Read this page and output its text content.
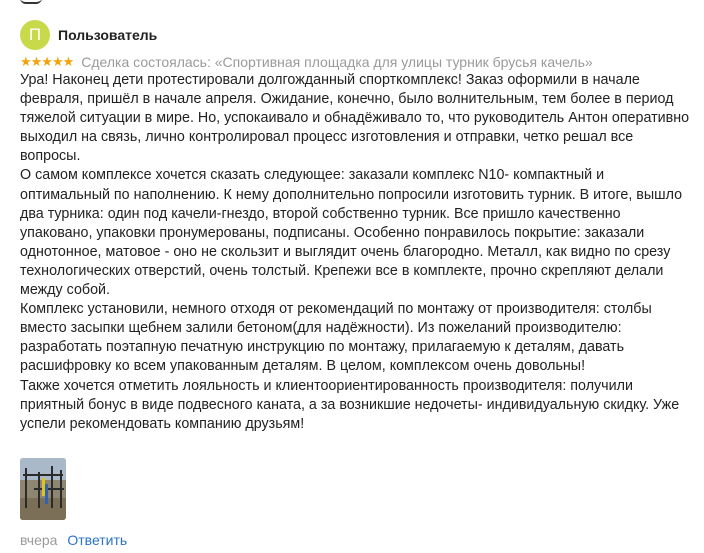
П	Пользователь
★★★★★ Сделка состоялась: «Спортивная площадка для улицы турник брусья качель»

Ура! Наконец дети протестировали долгожданный спорткомплекс! Заказ оформили в начале февраля, пришёл в начале апреля. Ожидание, конечно, было волнительным, тем более в период тяжелой ситуации в мире. Но, успокаивало и обнадёживало то, что руководитель Антон оперативно выходил на связь, лично контролировал процесс изготовления и отправки, четко решал все вопросы.

О самом комплексе хочется сказать следующее: заказали комплекс N10- компактный и оптимальный по наполнению. К нему дополнительно попросили изготовить турник. В итоге, вышло два турника: один под качели-гнездо, второй собственно турник. Все пришло качественно упаковано, упаковки пронумерованы, подписаны. Особенно понравилось покрытие: заказали однотонное, матовое - оно не скользит и выглядит очень благородно. Металл, как видно по срезу технологических отверстий, очень толстый. Крепежи все в комплекте, прочно скрепляют делали между собой.

Комплекс установили, немного отходя от рекомендаций по монтажу от производителя: столбы вместо засыпки щебнем залили бетоном(для надёжности). Из пожеланий производителю: разработать поэтапную печатную инструкцию по монтажу, прилагаемую к деталям, давать расшифровку ко всем упакованным деталям. В целом, комплексом очень довольны!

Также хочется отметить лояльность и клиентоориентированность производителя: получили приятный бонус в виде подвесного каната, а за возникшие недочеты- индивидуальную скидку. Уже успели рекомендовать компанию друзьям!

вчера Ответить
